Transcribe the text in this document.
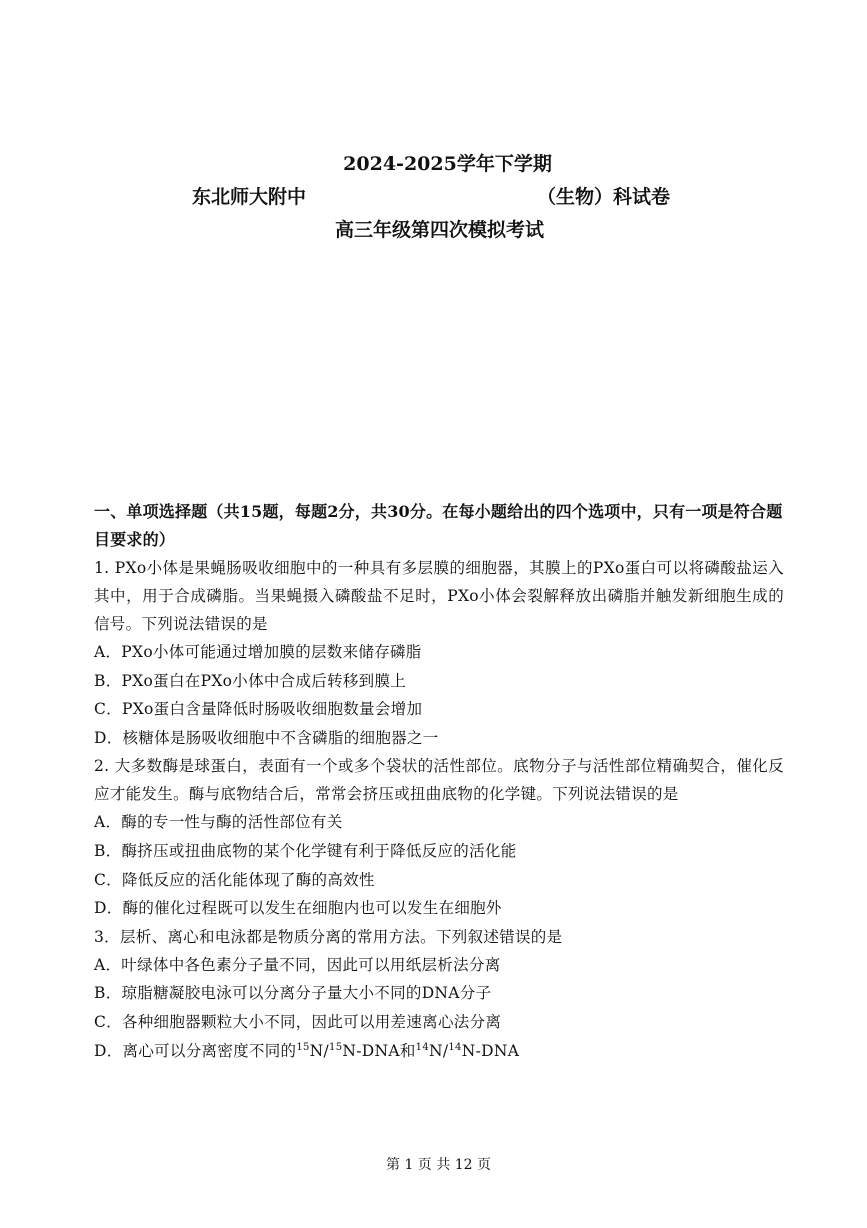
2024-2025学年下学期
东北师大附中	（生物）科试卷
高三年级第四次模拟考试
一、单项选择题（共15题，每题2分，共30分。在每小题给出的四个选项中，只有一项是符合题目要求的）
1. PXo小体是果蝇肠吸收细胞中的一种具有多层膜的细胞器，其膜上的PXo蛋白可以将磷酸盐运入其中，用于合成磷脂。当果蝇摄入磷酸盐不足时，PXo小体会裂解释放出磷脂并触发新细胞生成的信号。下列说法错误的是
A．PXo小体可能通过增加膜的层数来储存磷脂
B．PXo蛋白在PXo小体中合成后转移到膜上
C．PXo蛋白含量降低时肠吸收细胞数量会增加
D．核糖体是肠吸收细胞中不含磷脂的细胞器之一
2. 大多数酶是球蛋白，表面有一个或多个袋状的活性部位。底物分子与活性部位精确契合，催化反应才能发生。酶与底物结合后，常常会挤压或扭曲底物的化学键。下列说法错误的是
A．酶的专一性与酶的活性部位有关
B．酶挤压或扭曲底物的某个化学键有利于降低反应的活化能
C．降低反应的活化能体现了酶的高效性
D．酶的催化过程既可以发生在细胞内也可以发生在细胞外
3．层析、离心和电泳都是物质分离的常用方法。下列叙述错误的是
A．叶绿体中各色素分子量不同，因此可以用纸层析法分离
B．琼脂糖凝胶电泳可以分离分子量大小不同的DNA分子
C．各种细胞器颗粒大小不同，因此可以用差速离心法分离
D．离心可以分离密度不同的$^{15}$N/$^{15}$N-DNA和$^{14}$N/$^{14}$N-DNA
第 1 页 共 12 页
